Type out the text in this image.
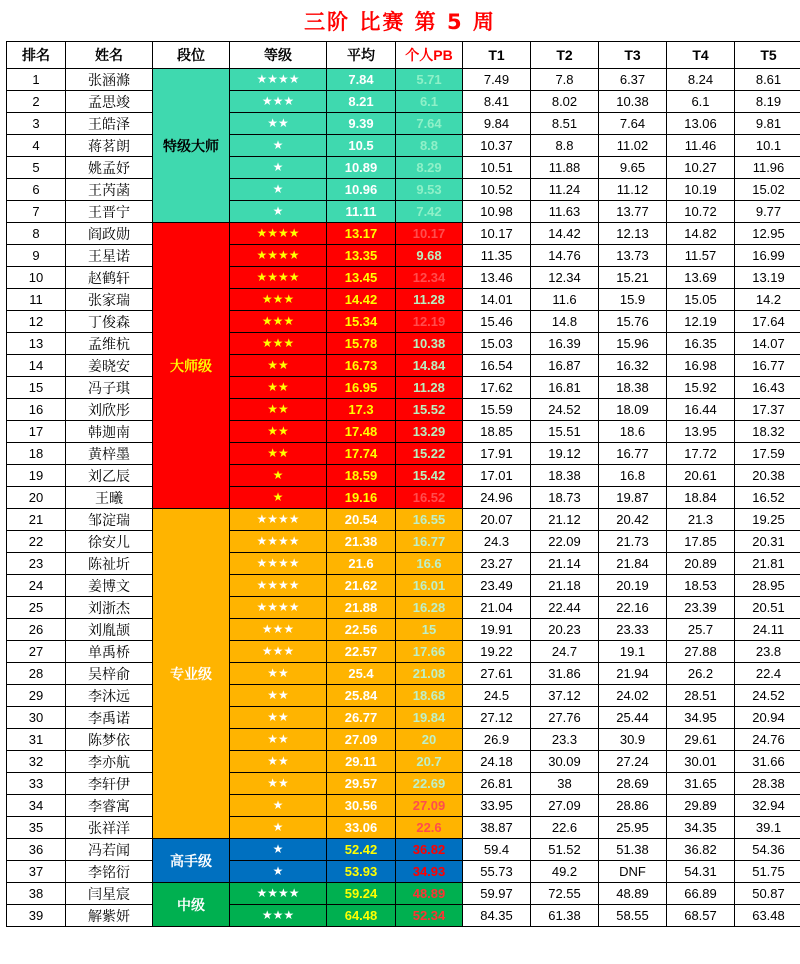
三阶 比赛 第 5 周
排名	姓名	段位	等级	平均	个人PB	T1	T2	T3	T4	T5
1	张涵滌	特级大师	★★★★	7.84	5.71	7.49	7.8	6.37	8.24	8.61
2	孟思竣		★★★	8.21	6.1	8.41	8.02	10.38	6.1	8.19
3	王皓泽		★★	9.39	7.64	9.84	8.51	7.64	13.06	9.81
4	蒋茗朗		★	10.5	8.8	10.37	8.8	11.02	11.46	10.1
5	姚孟妤		★	10.89	8.29	10.51	11.88	9.65	10.27	11.96
6	王芮菡		★	10.96	9.53	10.52	11.24	11.12	10.19	15.02
7	王晋宁		★	11.11	7.42	10.98	11.63	13.77	10.72	9.77
8	阎政勋	大师级	★★★★	13.17	10.17	10.17	14.42	12.13	14.82	12.95
9	王星诺		★★★★	13.35	9.68	11.35	14.76	13.73	11.57	16.99
10	赵鹤轩		★★★★	13.45	12.34	13.46	12.34	15.21	13.69	13.19
11	张家瑞		★★★	14.42	11.28	14.01	11.6	15.9	15.05	14.2
12	丁俊森		★★★	15.34	12.19	15.46	14.8	15.76	12.19	17.64
13	孟维杭		★★★	15.78	10.38	15.03	16.39	15.96	16.35	14.07
14	姜晓安		★★	16.73	14.84	16.54	16.87	16.32	16.98	16.77
15	冯子琪		★★	16.95	11.28	17.62	16.81	18.38	15.92	16.43
16	刘欣彤		★★	17.3	15.52	15.59	24.52	18.09	16.44	17.37
17	韩迦南		★★	17.48	13.29	18.85	15.51	18.6	13.95	18.32
18	黄梓墨		★★	17.74	15.22	17.91	19.12	16.77	17.72	17.59
19	刘乙辰		★	18.59	15.42	17.01	18.38	16.8	20.61	20.38
20	王曦		★	19.16	16.52	24.96	18.73	19.87	18.84	16.52
21	邹淀瑞	专业级	★★★★	20.54	16.55	20.07	21.12	20.42	21.3	19.25
22	徐安儿		★★★★	21.38	16.77	24.3	22.09	21.73	17.85	20.31
23	陈祉圻		★★★★	21.6	16.6	23.27	21.14	21.84	20.89	21.81
24	姜博文		★★★★	21.62	16.01	23.49	21.18	20.19	18.53	28.95
25	刘浙杰		★★★★	21.88	16.28	21.04	22.44	22.16	23.39	20.51
26	刘胤颉		★★★	22.56	15	19.91	20.23	23.33	25.7	24.11
27	单禹桥		★★★	22.57	17.66	19.22	24.7	19.1	27.88	23.8
28	吴梓俞		★★	25.4	21.08	27.61	31.86	21.94	26.2	22.4
29	李沐远		★★	25.84	18.68	24.5	37.12	24.02	28.51	24.52
30	李禹诺		★★	26.77	19.84	27.12	27.76	25.44	34.95	20.94
31	陈梦依		★★	27.09	20	26.9	23.3	30.9	29.61	24.76
32	李亦航		★★	29.11	20.7	24.18	30.09	27.24	30.01	31.66
33	李轩伊		★★	29.57	22.69	26.81	38	28.69	31.65	28.38
34	李睿寓		★	30.56	27.09	33.95	27.09	28.86	29.89	32.94
35	张祥洋		★	33.06	22.6	38.87	22.6	25.95	34.35	39.1
36	冯若闻	高手级	★	52.42	36.82	59.4	51.52	51.38	36.82	54.36
37	李铭衍		★	53.93	34.93	55.73	49.2	DNF	54.31	51.75
38	闫星宸	中级	★★★★	59.24	48.89	59.97	72.55	48.89	66.89	50.87
39	解紫妍		★★★	64.48	52.34	84.35	61.38	58.55	68.57	63.48
